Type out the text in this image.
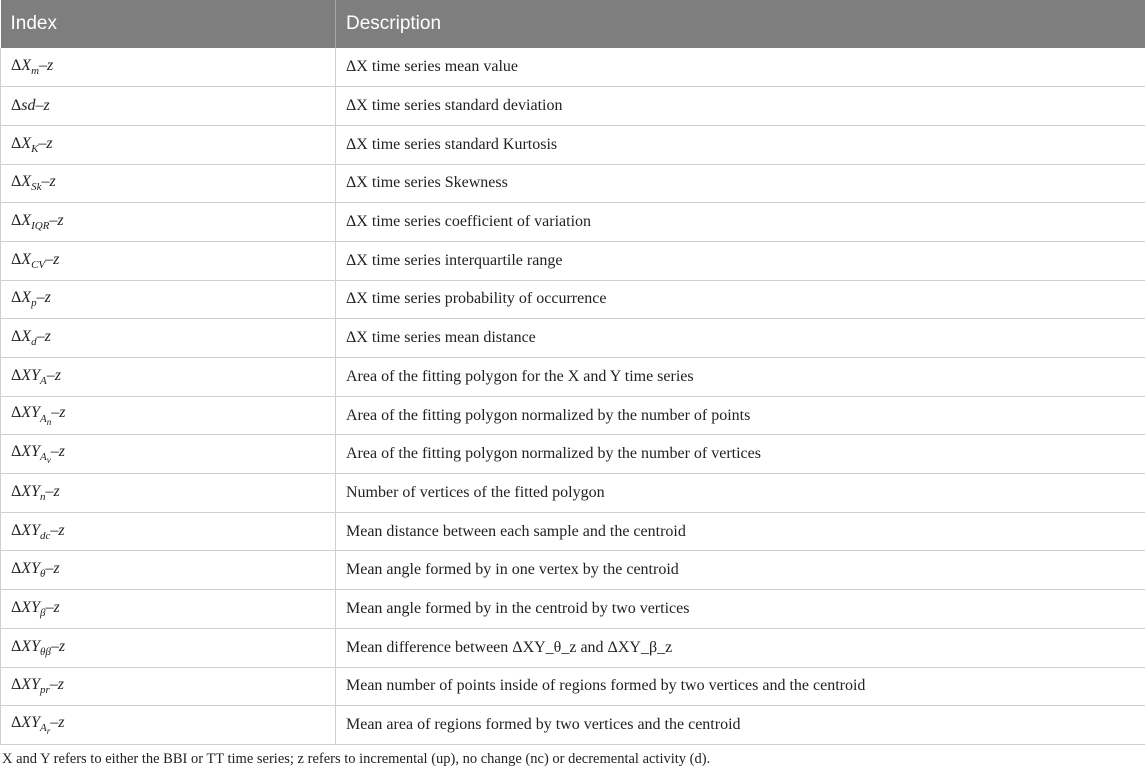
Index	Description
$\Delta X_m-z$	ΔX time series mean value
Δsd–z	ΔX time series standard deviation
$\Delta X_K-z$	ΔX time series standard Kurtosis
$\Delta X_{Sk}-z$	ΔX time series Skewness
$\Delta X_{IQR}-z$	ΔX time series coefficient of variation
$\Delta X_{CV}-z$	ΔX time series interquartile range
$\Delta X_p-z$	ΔX time series probability of occurrence
$\Delta X_d-z$	ΔX time series mean distance
$\Delta XY_A-z$	Area of the fitting polygon for the X and Y time series
$\Delta XY_{A_n}-z$	Area of the fitting polygon normalized by the number of points
$\Delta XY_{A_v}-z$	Area of the fitting polygon normalized by the number of vertices
$\Delta XY_n-z$	Number of vertices of the fitted polygon
$\Delta XY_{dc}-z$	Mean distance between each sample and the centroid
$\Delta XY_\theta-z$	Mean angle formed by in one vertex by the centroid
$\Delta XY_\beta-z$	Mean angle formed by in the centroid by two vertices
$\Delta XY_{\theta\beta}-z$	Mean difference between ΔXY_θ_z and ΔXY_β_z
$\Delta XY_{pr}-z$	Mean number of points inside of regions formed by two vertices and the centroid
$\Delta XY_{A_r}-z$	Mean area of regions formed by two vertices and the centroid
X and Y refers to either the BBI or TT time series; z refers to incremental (up), no change (nc) or decremental activity (d).
